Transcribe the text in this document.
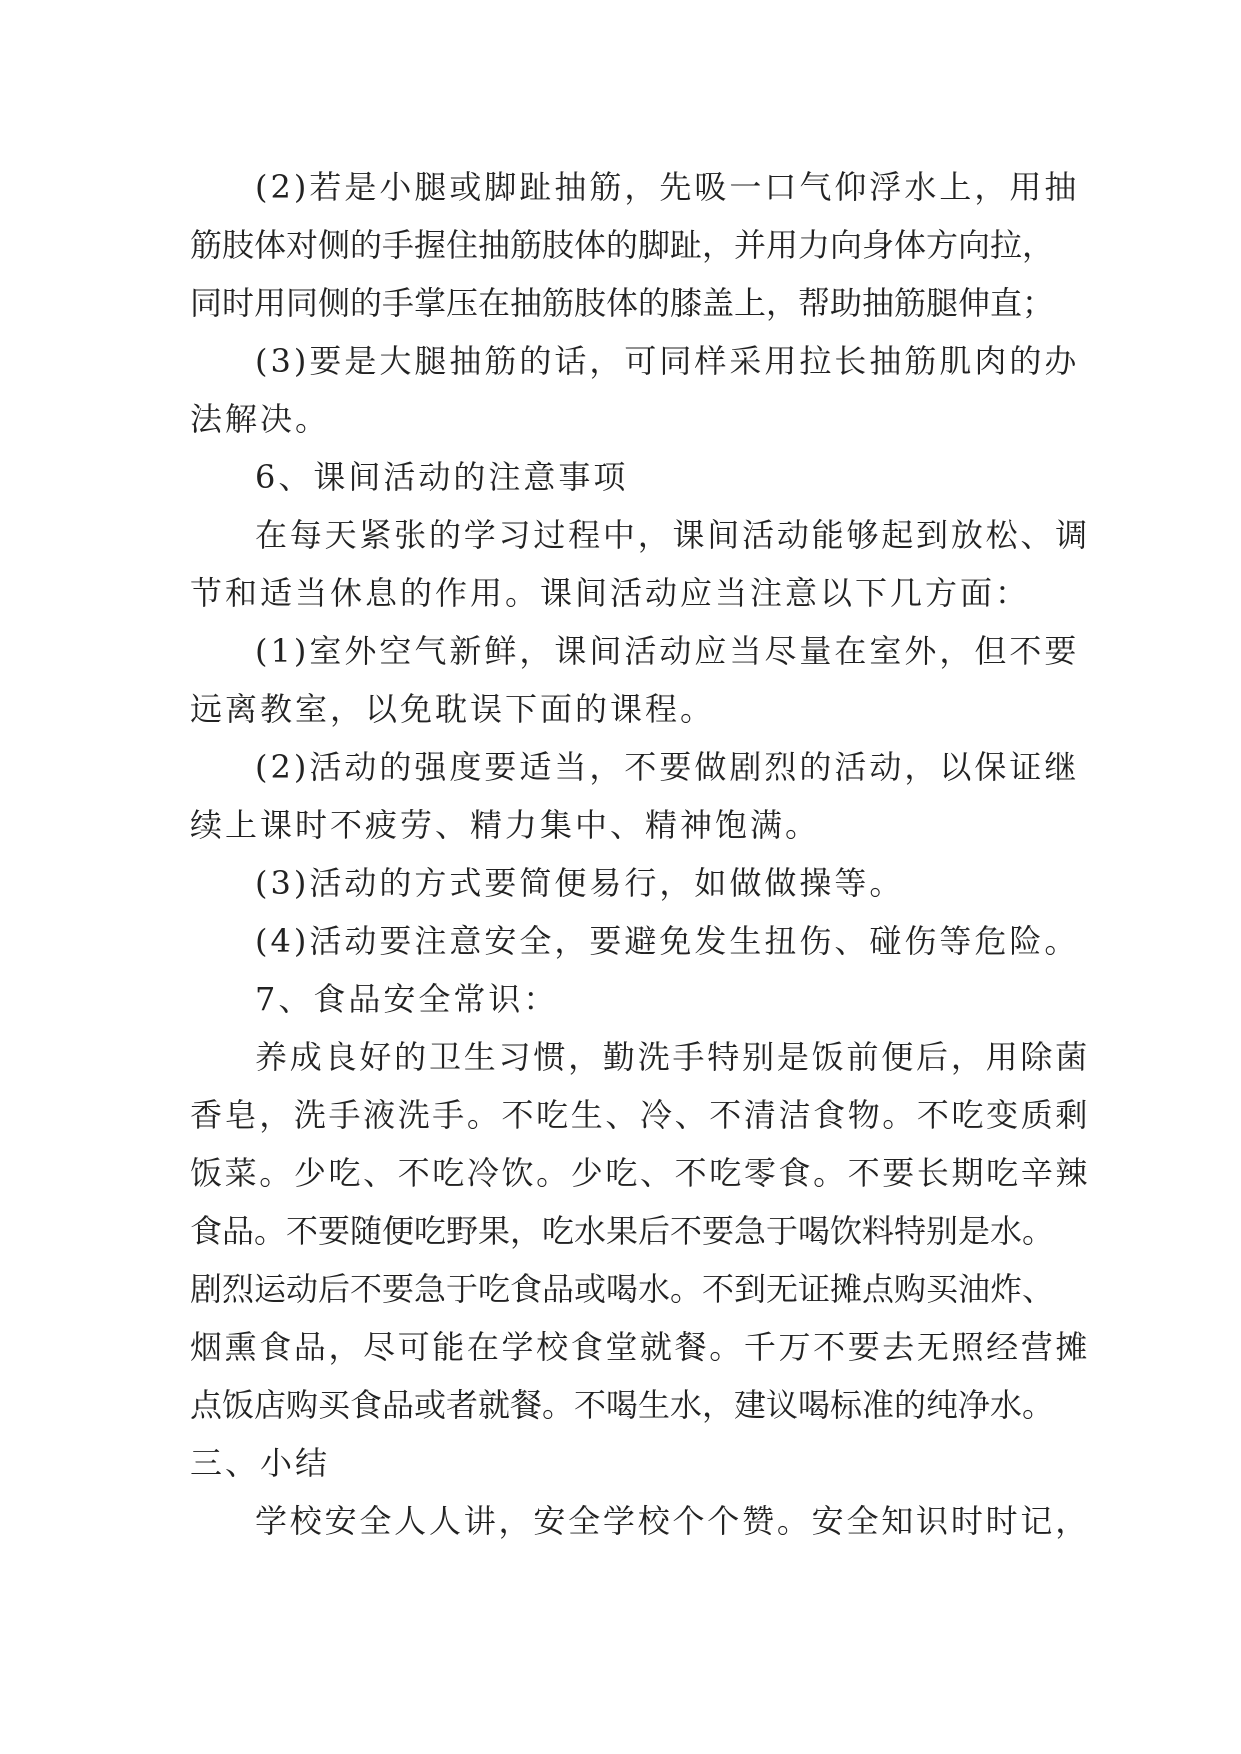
(2)若是小腿或脚趾抽筋，先吸一口气仰浮水上，用抽
筋肢体对侧的手握住抽筋肢体的脚趾，并用力向身体方向拉，
同时用同侧的手掌压在抽筋肢体的膝盖上，帮助抽筋腿伸直；
(3)要是大腿抽筋的话，可同样采用拉长抽筋肌肉的办
法解决。
6、课间活动的注意事项
在每天紧张的学习过程中，课间活动能够起到放松、调
节和适当休息的作用。课间活动应当注意以下几方面：
(1)室外空气新鲜，课间活动应当尽量在室外，但不要
远离教室，以免耽误下面的课程。
(2)活动的强度要适当，不要做剧烈的活动，以保证继
续上课时不疲劳、精力集中、精神饱满。
(3)活动的方式要简便易行，如做做操等。
(4)活动要注意安全，要避免发生扭伤、碰伤等危险。
7、食品安全常识：
养成良好的卫生习惯，勤洗手特别是饭前便后，用除菌
香皂，洗手液洗手。不吃生、冷、不清洁食物。不吃变质剩
饭菜。少吃、不吃冷饮。少吃、不吃零食。不要长期吃辛辣
食品。不要随便吃野果，吃水果后不要急于喝饮料特别是水。
剧烈运动后不要急于吃食品或喝水。不到无证摊点购买油炸、
烟熏食品，尽可能在学校食堂就餐。千万不要去无照经营摊
点饭店购买食品或者就餐。不喝生水，建议喝标准的纯净水。
三、小结
学校安全人人讲，安全学校个个赞。安全知识时时记，
